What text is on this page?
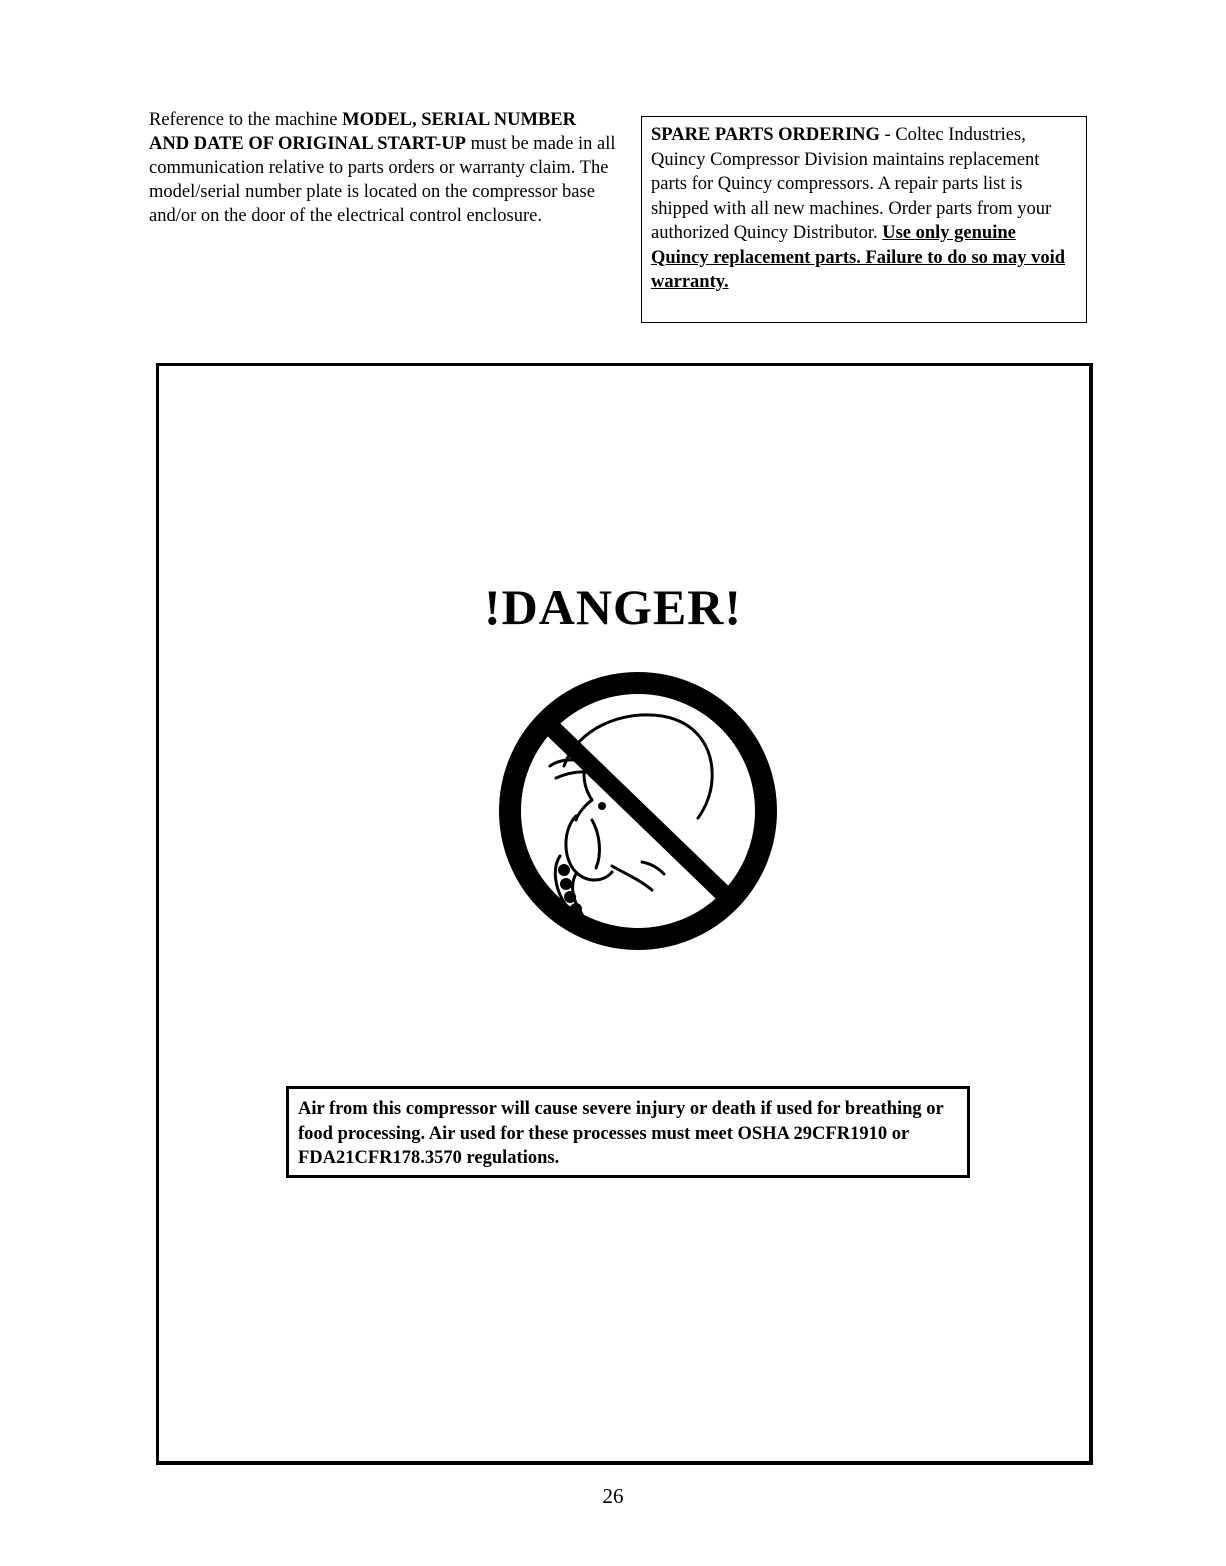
Reference to the machine MODEL, SERIAL NUMBER AND DATE OF ORIGINAL START-UP must be made in all communication relative to parts orders or warranty claim. The model/serial number plate is located on the compressor base and/or on the door of the electrical control enclosure.
SPARE PARTS ORDERING - Coltec Industries, Quincy Compressor Division maintains replacement parts for Quincy compressors. A repair parts list is shipped with all new machines. Order parts from your authorized Quincy Distributor. Use only genuine Quincy replacement parts. Failure to do so may void warranty.
!DANGER!
Air from this compressor will cause severe injury or death if used for breathing or food processing. Air used for these processes must meet OSHA 29CFR1910 or FDA21CFR178.3570 regulations.
26
